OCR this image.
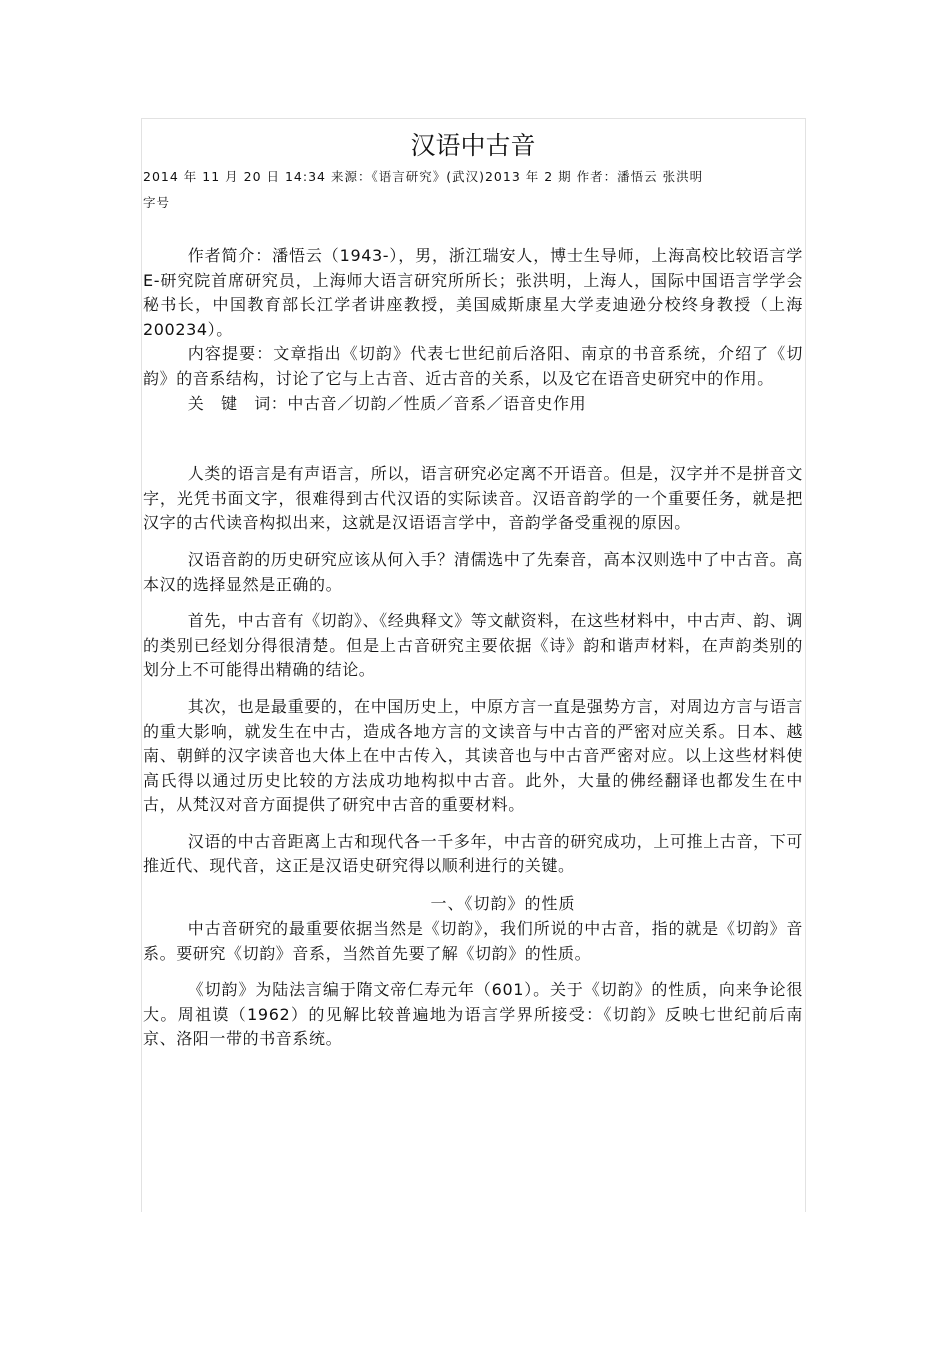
汉语中古音

2014 年 11 月 20 日 14:34 来源：《语言研究》(武汉)2013 年 2 期 作者：潘悟云 张洪明

字号

作者简介：潘悟云（1943-），男，浙江瑞安人，博士生导师，上海高校比较语言学E-研究院首席研究员，上海师大语言研究所所长；张洪明，上海人，国际中国语言学学会秘书长，中国教育部长江学者讲座教授，美国威斯康星大学麦迪逊分校终身教授（上海 200234）。

内容提要：文章指出《切韵》代表七世纪前后洛阳、南京的书音系统，介绍了《切韵》的音系结构，讨论了它与上古音、近古音的关系，以及它在语音史研究中的作用。

关　键　词：中古音／切韵／性质／音系／语音史作用

人类的语言是有声语言，所以，语言研究必定离不开语音。但是，汉字并不是拼音文字，光凭书面文字，很难得到古代汉语的实际读音。汉语音韵学的一个重要任务，就是把汉字的古代读音构拟出来，这就是汉语语言学中，音韵学备受重视的原因。

汉语音韵的历史研究应该从何入手？清儒选中了先秦音，高本汉则选中了中古音。高本汉的选择显然是正确的。

首先，中古音有《切韵》、《经典释文》等文献资料，在这些材料中，中古声、韵、调的类别已经划分得很清楚。但是上古音研究主要依据《诗》韵和谐声材料，在声韵类别的划分上不可能得出精确的结论。

其次，也是最重要的，在中国历史上，中原方言一直是强势方言，对周边方言与语言的重大影响，就发生在中古，造成各地方言的文读音与中古音的严密对应关系。日本、越南、朝鲜的汉字读音也大体上在中古传入，其读音也与中古音严密对应。以上这些材料使高氏得以通过历史比较的方法成功地构拟中古音。此外，大量的佛经翻译也都发生在中古，从梵汉对音方面提供了研究中古音的重要材料。

汉语的中古音距离上古和现代各一千多年，中古音的研究成功，上可推上古音，下可推近代、现代音，这正是汉语史研究得以顺利进行的关键。

一、《切韵》的性质

中古音研究的最重要依据当然是《切韵》，我们所说的中古音，指的就是《切韵》音系。要研究《切韵》音系，当然首先要了解《切韵》的性质。

《切韵》为陆法言编于隋文帝仁寿元年（601）。关于《切韵》的性质，向来争论很大。周祖谟（1962）的见解比较普遍地为语言学界所接受：《切韵》反映七世纪前后南京、洛阳一带的书音系统。
